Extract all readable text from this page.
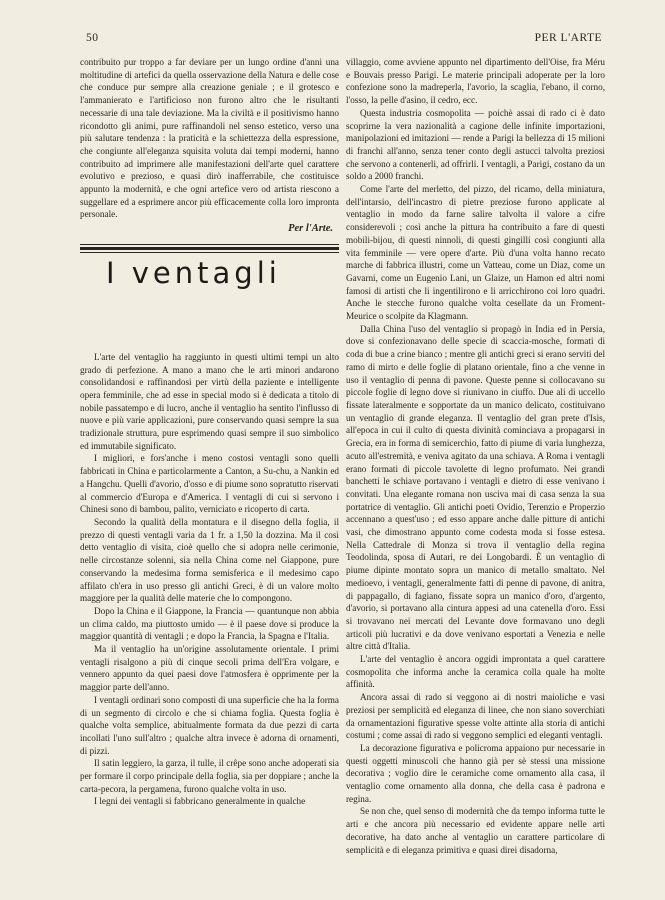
50	PER L'ARTE

contribuito pur troppo a far deviare per un lungo ordine d'anni una moltitudine di artefici da quella osservazione della Natura e delle cose che conduce pur sempre alla creazione geniale ; e il grotesco e l'ammanierato e l'artificioso non furono altro che le risultanti necessarie di una tale deviazione. Ma la civiltà e il positivismo hanno ricondotto gli animi, pure raffinandoli nel senso estetico, verso una più salutare tendenza : la praticità e la schiettezza della espressione, che congiunte all'eleganza squisita voluta dai tempi moderni, hanno contribuito ad imprimere alle manifestazioni dell'arte quel carattere evolutivo e prezioso, e quasi dirò inafferrabile, che costituisce appunto la modernità, e che ogni artefice vero od artista riescono a suggellare ed a esprimere ancor più efficacemente colla loro impronta personale.

Per l'Arte.
I ventagli

L'arte del ventaglio ha raggiunto in questi ultimi tempi un alto grado di perfezione. A mano a mano che le arti minori andarono consolidandosi e raffinandosi per virtù della paziente e intelligente opera femminile, che ad esse in special modo si è dedicata a titolo di nobile passatempo e di lucro, anche il ventaglio ha sentito l'influsso di nuove e più varie applicazioni, pure conservando quasi sempre la sua tradizionale struttura, pure esprimendo quasi sempre il suo simbolico ed immutabile significato.

I migliori, e fors'anche i meno costosi ventagli sono quelli fabbricati in China e particolarmente a Canton, a Su-chu, a Nankin ed a Hangchu. Quelli d'avorio, d'osso e di piume sono sopratutto riservati al commercio d'Europa e d'America. I ventagli di cui si servono i Chinesi sono di bambou, palito, verniciato e ricoperto di carta.

Secondo la qualità della montatura e il disegno della foglia, il prezzo di questi ventagli varia da 1 fr. a 1,50 la dozzina. Ma il così detto ventaglio di visita, cioè quello che si adopra nelle cerimonie, nelle circostanze solenni, sia nella China come nel Giappone, pure conservando la medesima forma semisferica e il medesimo capo affilato ch'era in uso presso gli antichi Greci, è di un valore molto maggiore per la qualità delle materie che lo compongono.

Dopo la China e il Giappone, la Francia — quantunque non abbia un clima caldo, ma piuttosto umido — è il paese dove si produce la maggior quantità di ventagli ; e dopo la Francia, la Spagna e l'Italia.

Ma il ventaglio ha un'origine assolutamente orientale. I primi ventagli risalgono a più di cinque secoli prima dell'Era volgare, e vennero appunto da quei paesi dove l'atmosfera è opprimente per la maggior parte dell'anno.

I ventagli ordinari sono composti di una superficie che ha la forma di un segmento di circolo e che si chiama foglia. Questa foglia è qualche volta semplice, abitualmente formata da due pezzi di carta incollati l'uno sull'altro ; qualche altra invece è adorna di ornamenti, di pizzi.

Il satin leggiero, la garza, il tulle, il crêpe sono anche adoperati sia per formare il corpo principale della foglia, sia per doppiare ; anche la carta-pecora, la pergamena, furono qualche volta in uso.

I legni dei ventagli si fabbricano generalmente in qualche

villaggio, come avviene appunto nel dipartimento dell'Oise, fra Méru e Bouvais presso Parigi. Le materie principali adoperate per la loro confezione sono la madreperla, l'avorio, la scaglia, l'ebano, il corno, l'osso, la pelle d'asino, il cedro, ecc.

Questa industria cosmopolita — poichè assai di rado ci è dato scoprirne la vera nazionalità a cagione delle infinite importazioni, manipolazioni ed imitazioni — rende a Parigi la bellezza di 15 milioni di franchi all'anno, senza tener conto degli astucci talvolta preziosi che servono a contenerli, ad offrirli. I ventagli, a Parigi, costano da un soldo a 2000 franchi.

Come l'arte del merletto, del pizzo, del ricamo, della miniatura, dell'intarsio, dell'incastro di pietre preziose furono applicate al ventaglio in modo da farne salire talvolta il valore a cifre considerevoli ; così anche la pittura ha contribuito a fare di questi mobili-bijou, di questi ninnoli, di questi gingilli così congiunti alla vita femminile — vere opere d'arte. Più d'una volta hanno recato marche di fabbrica illustri, come un Vatteau, come un Diaz, come un Gavarni, come un Eugenio Lani, un Glaize, un Hamon ed altri nomi famosi di artisti che li ingentilirono e li arricchirono coi loro quadri. Anche le stecche furono qualche volta cesellate da un Froment-Meurice o scolpite da Klagmann.

Dalla China l'uso del ventaglio si propagò in India ed in Persia, dove si confezionavano delle specie di scaccia-mosche, formati di coda di bue a crine bianco ; mentre gli antichi greci si erano serviti del ramo di mirto e delle foglie di platano orientale, fino a che venne in uso il ventaglio di penna di pavone. Queste penne si collocavano su piccole foglie di legno dove si riunivano in ciuffo. Due ali di uccello fissate lateralmente e sopportate da un manico delicato, costituivano un ventaglio di grande eleganza. Il ventaglio del gran prete d'Isis, all'epoca in cui il culto di questa divinità cominciava a propagarsi in Grecia, era in forma di semicerchio, fatto di piume di varia lunghezza, acuto all'estremità, e veniva agitato da una schiava. A Roma i ventagli erano formati di piccole tavolette di legno profumato. Nei grandi banchetti le schiave portavano i ventagli e dietro di esse venivano i convitati. Una elegante romana non usciva mai di casa senza la sua portatrice di ventaglio. Gli antichi poeti Ovidio, Terenzio e Properzio accennano a quest'uso ; ed esso appare anche dalle pitture di antichi vasi, che dimostrano appunto come codesta moda si fosse estesa. Nella Cattedrale di Monza si trova il ventaglio della regina Teodolinda, sposa di Autari, re dei Longobardi. È un ventaglio di piume dipinte montato sopra un manico di metallo smaltato. Nel medioevo, i ventagli, generalmente fatti di penne di pavone, di anitra, di pappagallo, di fagiano, fissate sopra un manico d'oro, d'argento, d'avorio, si portavano alla cintura appesi ad una catenella d'oro. Essi si trovavano nei mercati del Levante dove formavano uno degli articoli più lucrativi e da dove venivano esportati a Venezia e nelle altre città d'Italia.

L'arte del ventaglio è ancora oggidì improntata a quel carattere cosmopolita che informa anche la ceramica colla quale ha molte affinità.

Ancora assai di rado si veggono ai dì nostri maioliche e vasi preziosi per semplicità ed eleganza di linee, che non siano soverchiati da ornamentazioni figurative spesse volte attinte alla storia di antichi costumi ; come assai di rado si veggono semplici ed eleganti ventagli.

La decorazione figurativa e policroma appaiono pur necessarie in questi oggetti minuscoli che hanno già per sè stessi una missione decorativa ; voglio dire le ceramiche come ornamento alla casa, il ventaglio come ornamento alla donna, che della casa è padrona e regina.

Se non che, quel senso di modernità che da tempo informa tutte le arti e che ancora più necessario ed evidente appare nelle arti decorative, ha dato anche al ventaglio un carattere particolare di semplicità e di eleganza primitiva e quasi direi disadorna,
